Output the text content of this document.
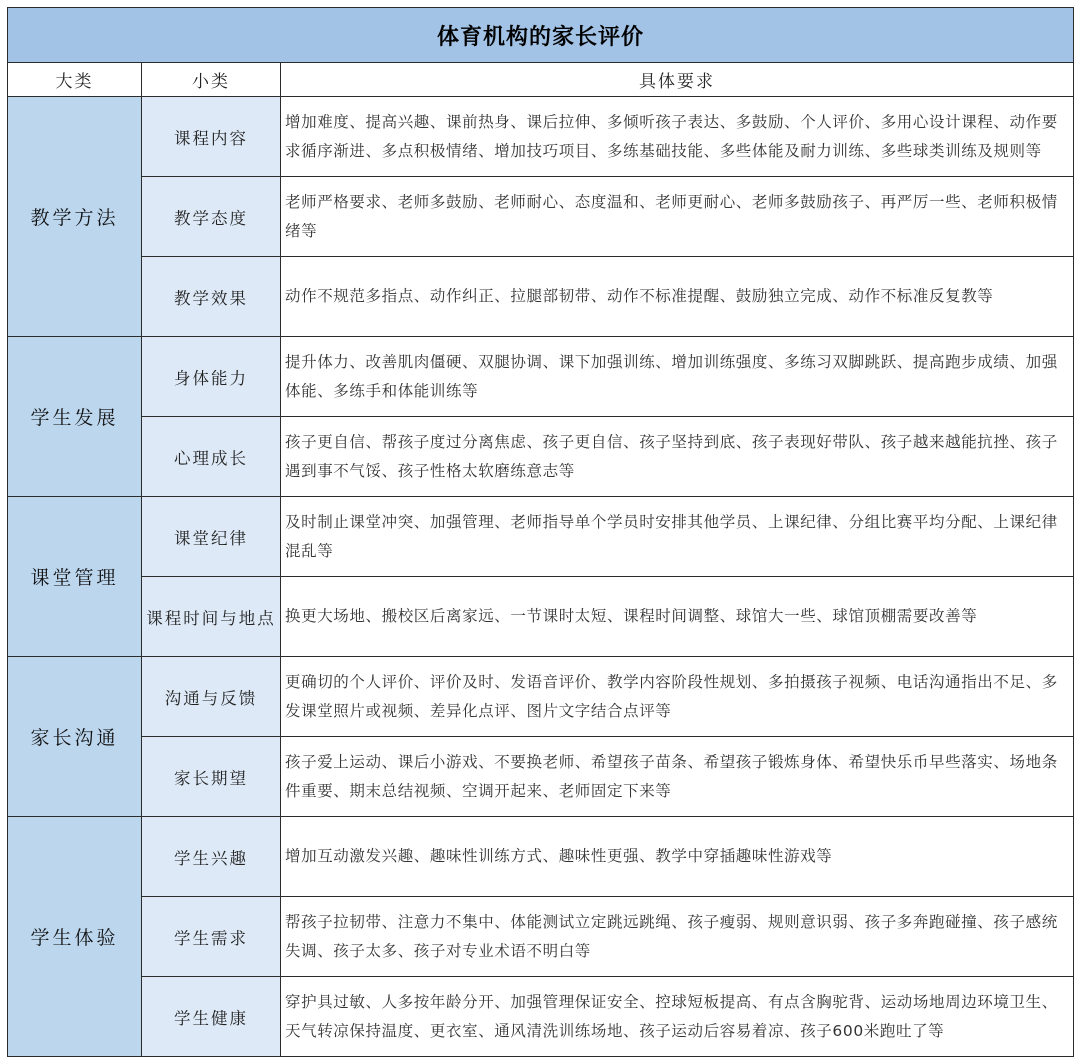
体育机构的家长评价		
大类	小类	具体要求
教学方法	课程内容	增加难度、提高兴趣、课前热身、课后拉伸、多倾听孩子表达、多鼓励、个人评价、多用心设计课程、动作要求循序渐进、多点积极情绪、增加技巧项目、多练基础技能、多些体能及耐力训练、多些球类训练及规则等
	教学态度	老师严格要求、老师多鼓励、老师耐心、态度温和、老师更耐心、老师多鼓励孩子、再严厉一些、老师积极情绪等
	教学效果	动作不规范多指点、动作纠正、拉腿部韧带、动作不标准提醒、鼓励独立完成、动作不标准反复教等
学生发展	身体能力	提升体力、改善肌肉僵硬、双腿协调、课下加强训练、增加训练强度、多练习双脚跳跃、提高跑步成绩、加强体能、多练手和体能训练等
	心理成长	孩子更自信、帮孩子度过分离焦虑、孩子更自信、孩子坚持到底、孩子表现好带队、孩子越来越能抗挫、孩子遇到事不气馁、孩子性格太软磨练意志等
课堂管理	课堂纪律	及时制止课堂冲突、加强管理、老师指导单个学员时安排其他学员、上课纪律、分组比赛平均分配、上课纪律混乱等
	课程时间与地点	换更大场地、搬校区后离家远、一节课时太短、课程时间调整、球馆大一些、球馆顶棚需要改善等
家长沟通	沟通与反馈	更确切的个人评价、评价及时、发语音评价、教学内容阶段性规划、多拍摄孩子视频、电话沟通指出不足、多发课堂照片或视频、差异化点评、图片文字结合点评等
	家长期望	孩子爱上运动、课后小游戏、不要换老师、希望孩子苗条、希望孩子锻炼身体、希望快乐币早些落实、场地条件重要、期末总结视频、空调开起来、老师固定下来等
学生体验	学生兴趣	增加互动激发兴趣、趣味性训练方式、趣味性更强、教学中穿插趣味性游戏等
	学生需求	帮孩子拉韧带、注意力不集中、体能测试立定跳远跳绳、孩子瘦弱、规则意识弱、孩子多奔跑碰撞、孩子感统失调、孩子太多、孩子对专业术语不明白等
	学生健康	穿护具过敏、人多按年龄分开、加强管理保证安全、控球短板提高、有点含胸驼背、运动场地周边环境卫生、天气转凉保持温度、更衣室、通风清洗训练场地、孩子运动后容易着凉、孩子600米跑吐了等
